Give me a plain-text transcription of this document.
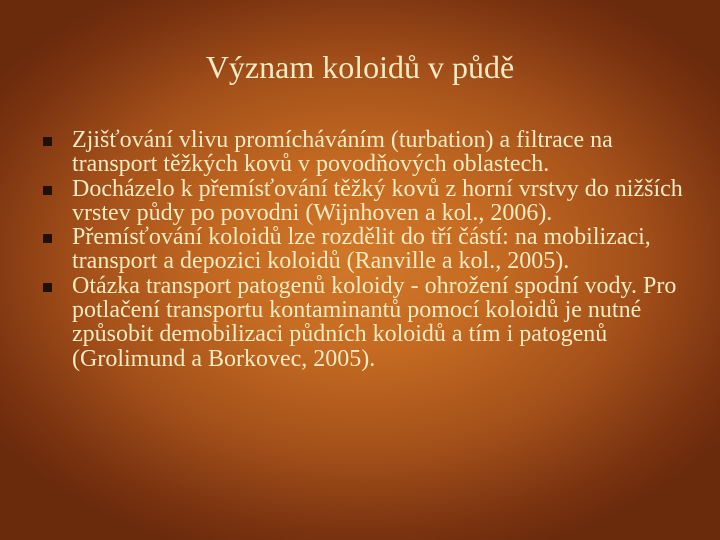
Význam koloidů v půdě
Zjišťování vlivu promícháváním (turbation) a filtrace na transport těžkých kovů v povodňových oblastech.
Docházelo k přemísťování těžký kovů z horní vrstvy do nižších vrstev půdy po povodni (Wijnhoven a kol., 2006).
Přemísťování koloidů lze rozdělit do tří částí: na mobilizaci, transport a depozici koloidů (Ranville a kol., 2005).
Otázka transport patogenů koloidy - ohrožení spodní vody. Pro potlačení transportu kontaminantů pomocí koloidů je nutné způsobit demobilizaci půdních koloidů a tím i patogenů (Grolimund a Borkovec, 2005).
